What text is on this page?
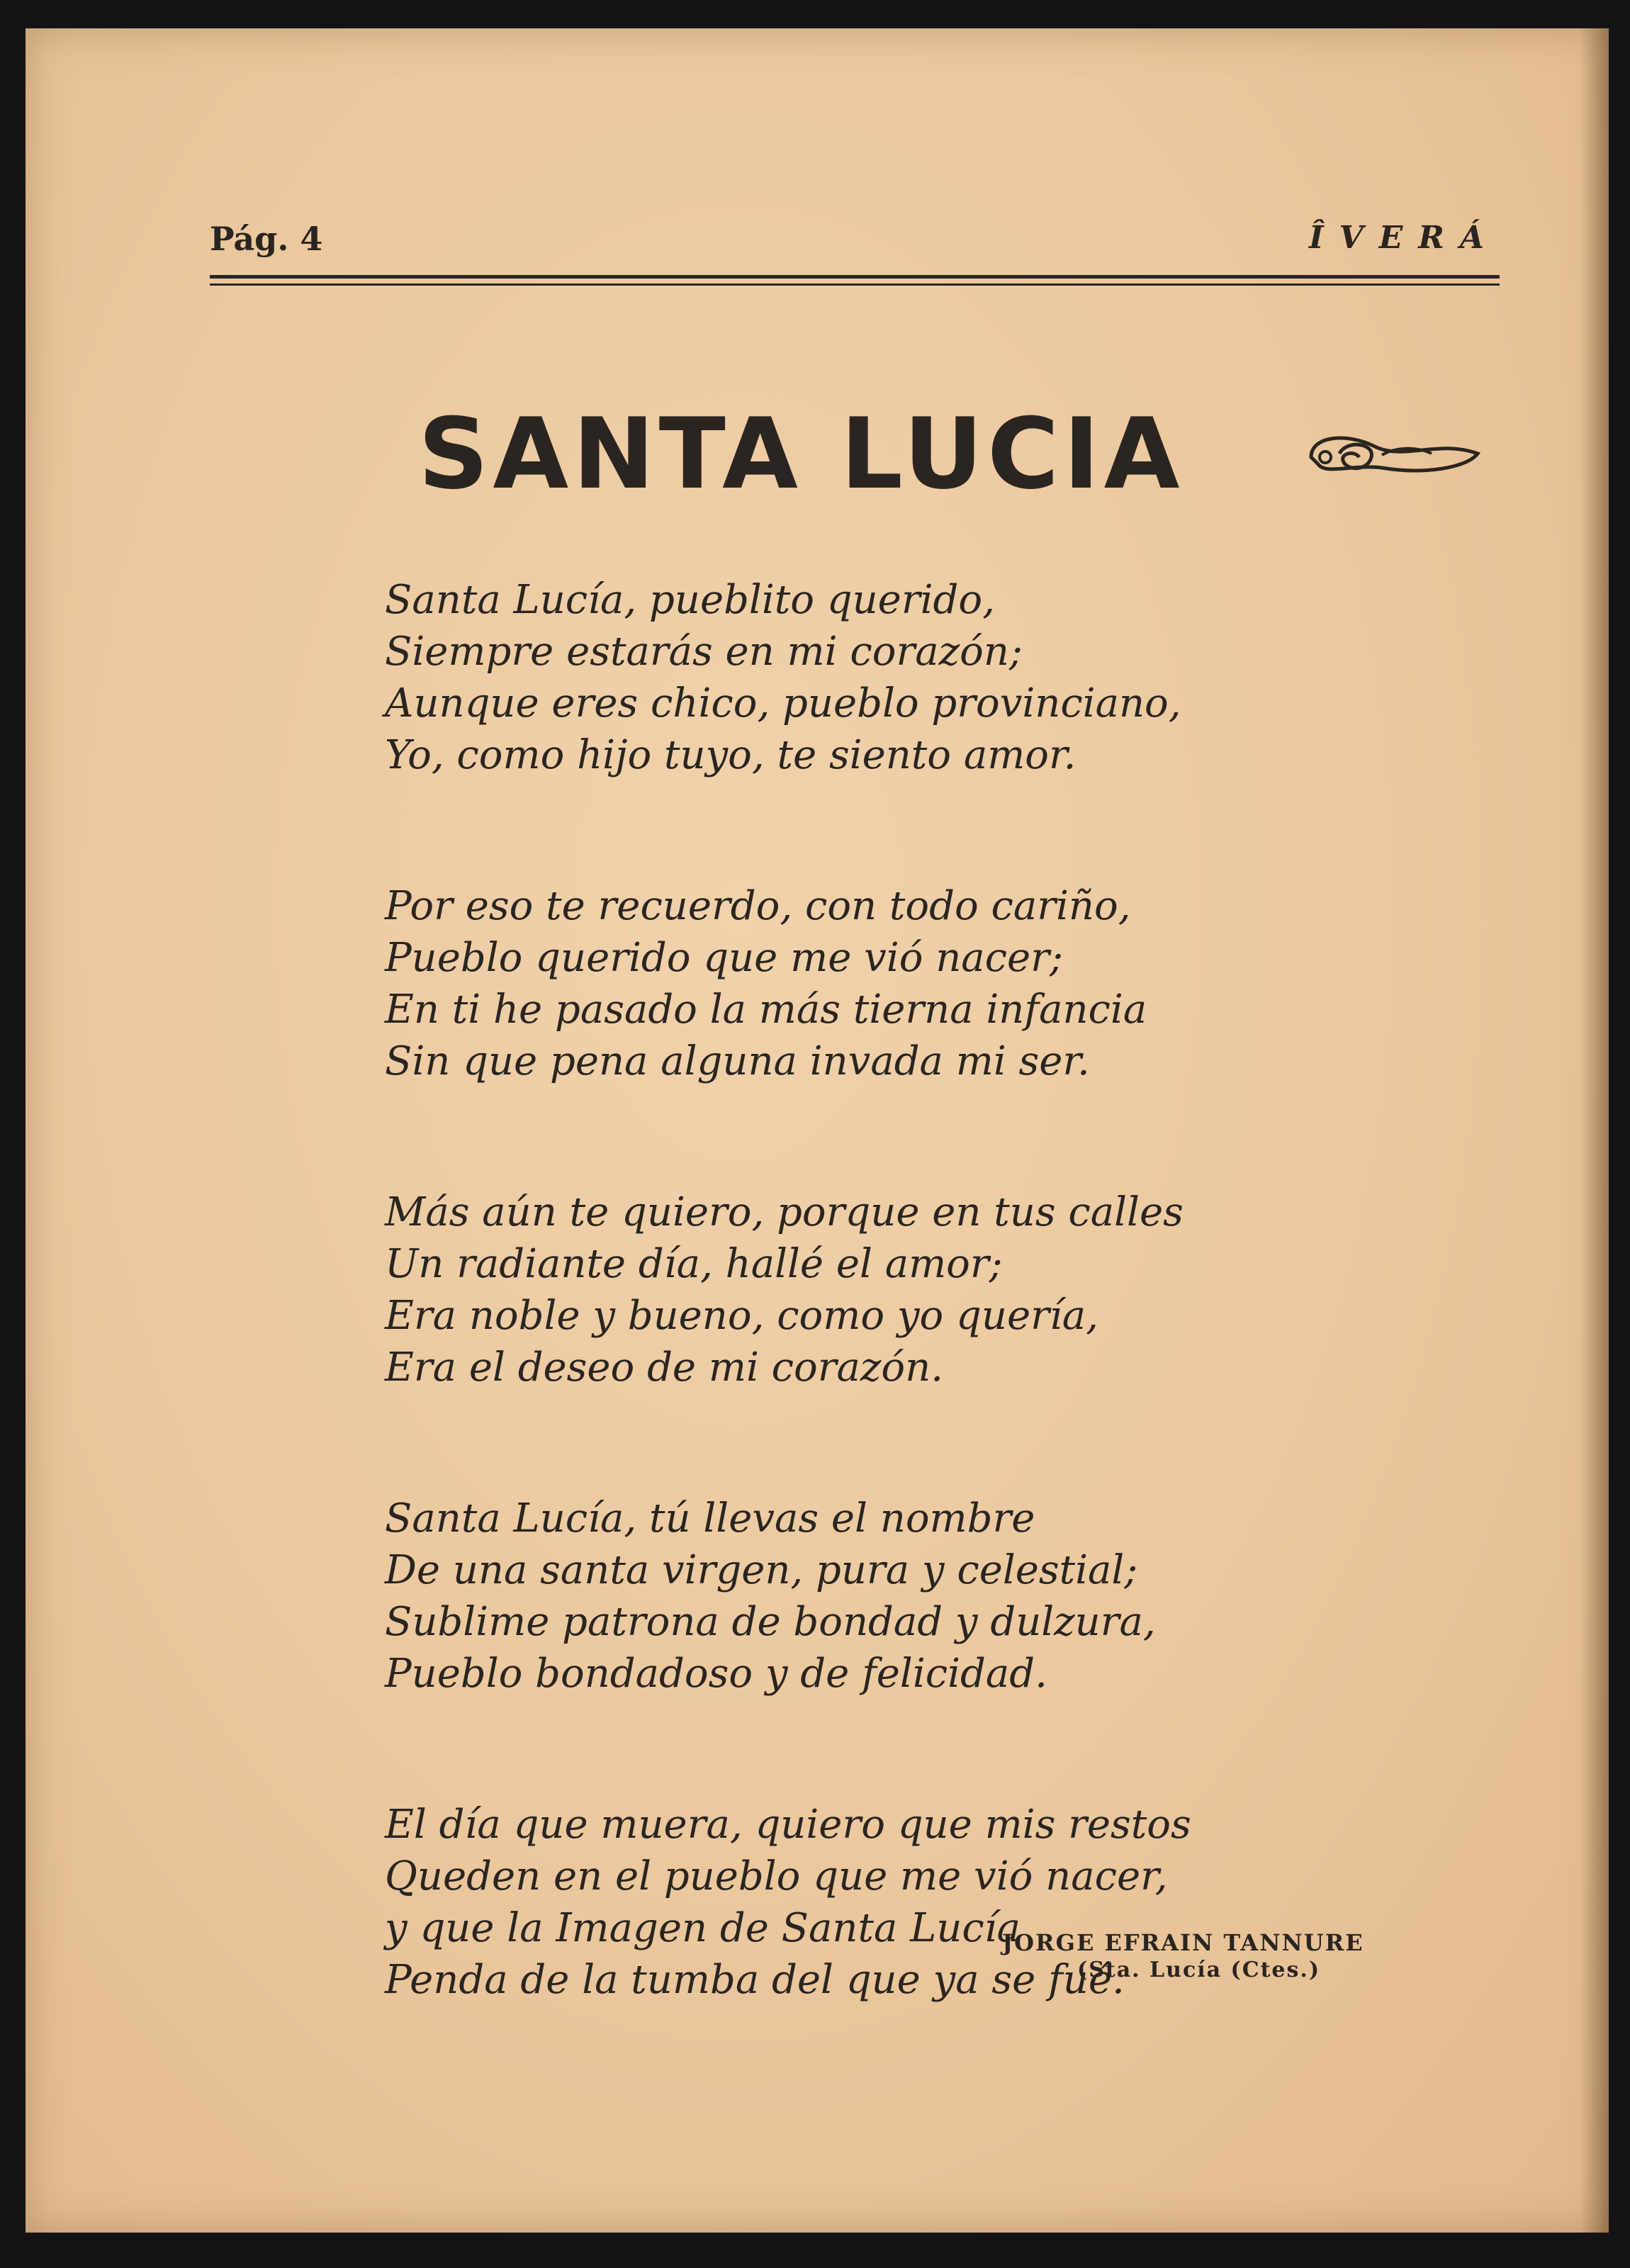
Pág. 4	ÎVERÁ
SANTA LUCIA
Santa Lucía, pueblito querido,
Siempre estarás en mi corazón;
Aunque eres chico, pueblo provinciano,
Yo, como hijo tuyo, te siento amor.
Por eso te recuerdo, con todo cariño,
Pueblo querido que me vió nacer;
En ti he pasado la más tierna infancia
Sin que pena alguna invada mi ser.
Más aún te quiero, porque en tus calles
Un radiante día, hallé el amor;
Era noble y bueno, como yo quería,
Era el deseo de mi corazón.
Santa Lucía, tú llevas el nombre
De una santa virgen, pura y celestial;
Sublime patrona de bondad y dulzura,
Pueblo bondadoso y de felicidad.
El día que muera, quiero que mis restos
Queden en el pueblo que me vió nacer,
y que la Imagen de Santa Lucía
Penda de la tumba del que ya se fué.
JORGE EFRAIN TANNURE
(Sta. Lucía (Ctes.)
